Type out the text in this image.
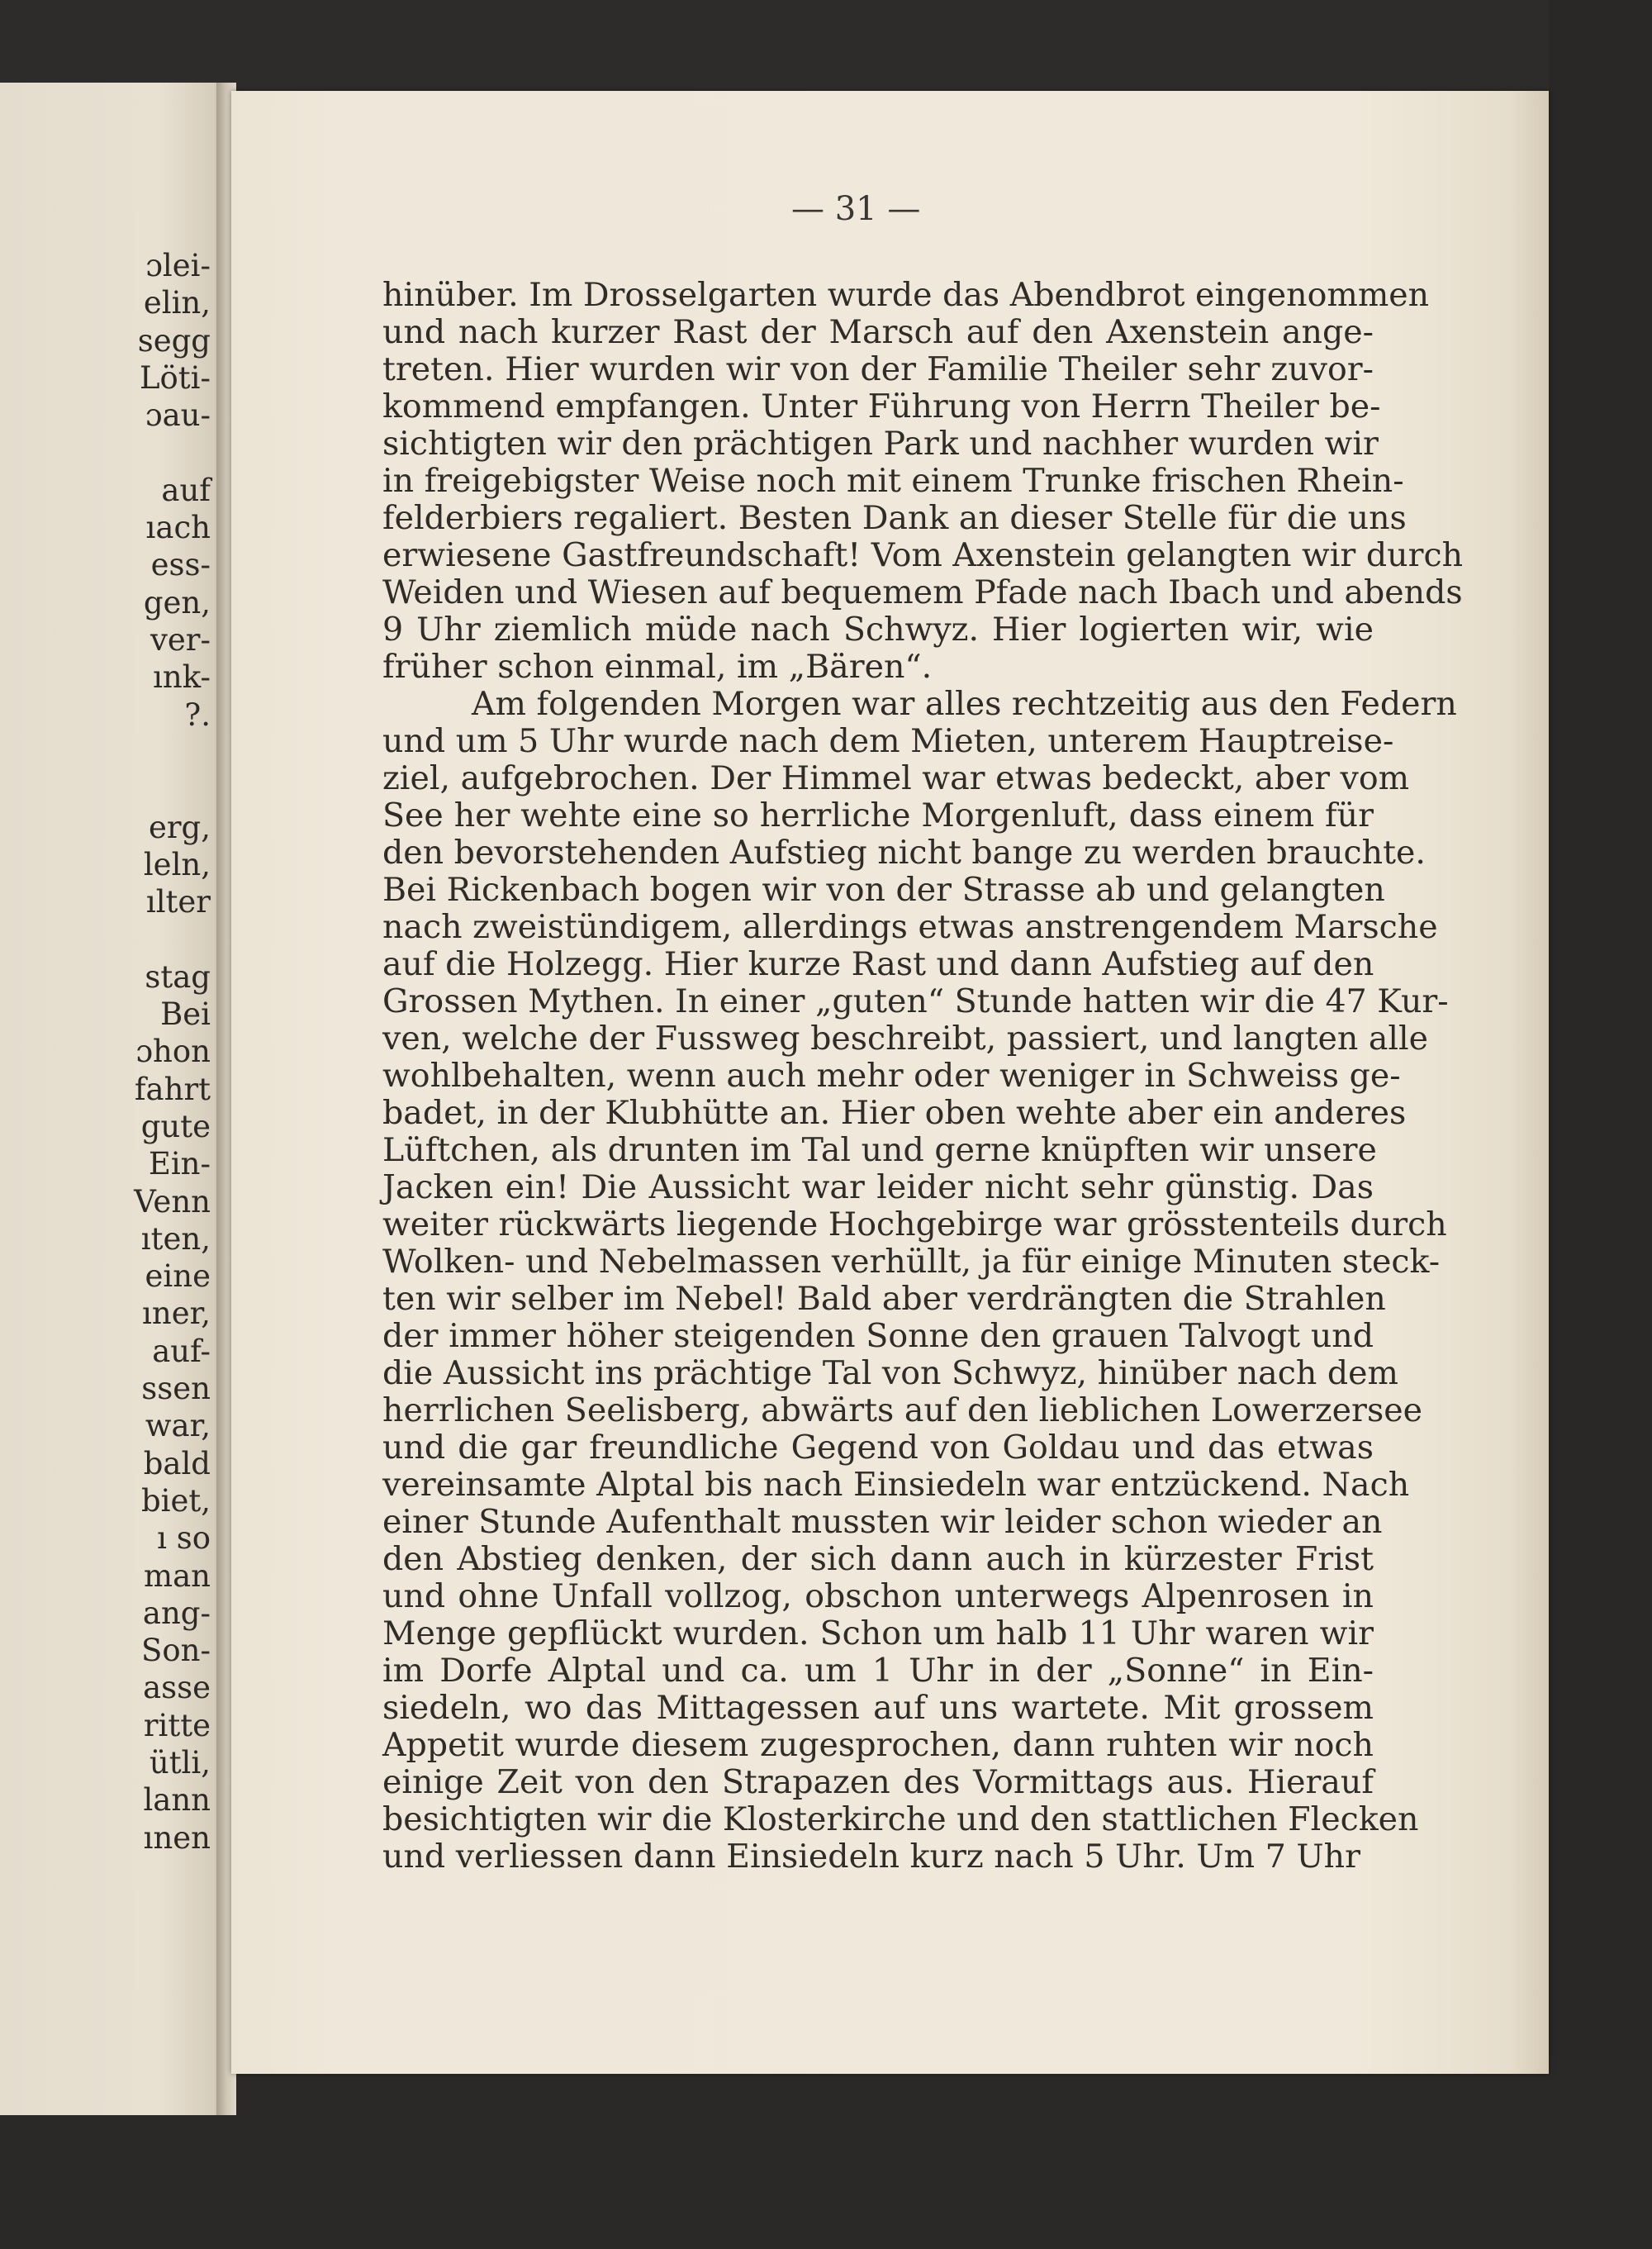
ɔlei-
elin,
segg
Löti-
ɔau-
auf
ıach
ess-
gen,
ver-
ınk-
?.
erg,
leln,
ılter
stag
Bei
ɔhon
fahrt
gute
Ein-
Venn
ıten,
eine
ıner,
auf-
ssen
war,
bald
biet,
ı so
man
ang-
Son-
asse
ritte
ütli,
lann
ınen
— 31 —
hinüber. Im Drosselgarten wurde das Abendbrot eingenommen
und nach kurzer Rast der Marsch auf den Axenstein ange-
treten. Hier wurden wir von der Familie Theiler sehr zuvor-
kommend empfangen. Unter Führung von Herrn Theiler be-
sichtigten wir den prächtigen Park und nachher wurden wir
in freigebigster Weise noch mit einem Trunke frischen Rhein-
felderbiers regaliert. Besten Dank an dieser Stelle für die uns
erwiesene Gastfreundschaft! Vom Axenstein gelangten wir durch
Weiden und Wiesen auf bequemem Pfade nach Ibach und abends
9 Uhr ziemlich müde nach Schwyz. Hier logierten wir, wie
früher schon einmal, im „Bären“.
Am folgenden Morgen war alles rechtzeitig aus den Federn
und um 5 Uhr wurde nach dem Mieten, unterem Hauptreise-
ziel, aufgebrochen. Der Himmel war etwas bedeckt, aber vom
See her wehte eine so herrliche Morgenluft, dass einem für
den bevorstehenden Aufstieg nicht bange zu werden brauchte.
Bei Rickenbach bogen wir von der Strasse ab und gelangten
nach zweistündigem, allerdings etwas anstrengendem Marsche
auf die Holzegg. Hier kurze Rast und dann Aufstieg auf den
Grossen Mythen. In einer „guten“ Stunde hatten wir die 47 Kur-
ven, welche der Fussweg beschreibt, passiert, und langten alle
wohlbehalten, wenn auch mehr oder weniger in Schweiss ge-
badet, in der Klubhütte an. Hier oben wehte aber ein anderes
Lüftchen, als drunten im Tal und gerne knüpften wir unsere
Jacken ein! Die Aussicht war leider nicht sehr günstig. Das
weiter rückwärts liegende Hochgebirge war grösstenteils durch
Wolken- und Nebelmassen verhüllt, ja für einige Minuten steck-
ten wir selber im Nebel! Bald aber verdrängten die Strahlen
der immer höher steigenden Sonne den grauen Talvogt und
die Aussicht ins prächtige Tal von Schwyz, hinüber nach dem
herrlichen Seelisberg, abwärts auf den lieblichen Lowerzersee
und die gar freundliche Gegend von Goldau und das etwas
vereinsamte Alptal bis nach Einsiedeln war entzückend. Nach
einer Stunde Aufenthalt mussten wir leider schon wieder an
den Abstieg denken, der sich dann auch in kürzester Frist
und ohne Unfall vollzog, obschon unterwegs Alpenrosen in
Menge gepflückt wurden. Schon um halb 11 Uhr waren wir
im Dorfe Alptal und ca. um 1 Uhr in der „Sonne“ in Ein-
siedeln, wo das Mittagessen auf uns wartete. Mit grossem
Appetit wurde diesem zugesprochen, dann ruhten wir noch
einige Zeit von den Strapazen des Vormittags aus. Hierauf
besichtigten wir die Klosterkirche und den stattlichen Flecken
und verliessen dann Einsiedeln kurz nach 5 Uhr. Um 7 Uhr
